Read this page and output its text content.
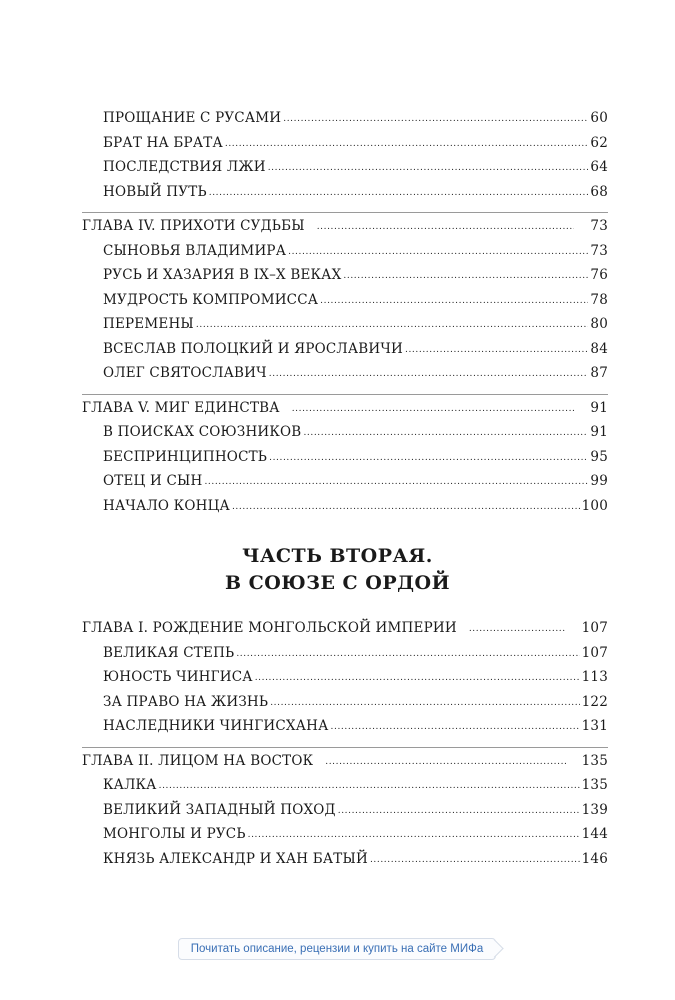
ПРОЩАНИЕ С РУСАМИ .....	60
БРАТ НА БРАТА .....	62
ПОСЛЕДСТВИЯ ЛЖИ .....	64
НОВЫЙ ПУТЬ .....	68
ГЛАВА IV. ПРИХОТИ СУДЬБЫ .....	73
СЫНОВЬЯ ВЛАДИМИРА .....	73
РУСЬ И ХАЗАРИЯ В IX–X ВЕКАХ .....	76
МУДРОСТЬ КОМПРОМИССА .....	78
ПЕРЕМЕНЫ .....	80
ВСЕСЛАВ ПОЛОЦКИЙ И ЯРОСЛАВИЧИ .....	84
ОЛЕГ СВЯТОСЛАВИЧ .....	87
ГЛАВА V. МИГ ЕДИНСТВА .....	91
В ПОИСКАХ СОЮЗНИКОВ .....	91
БЕСПРИНЦИПНОСТЬ .....	95
ОТЕЦ И СЫН .....	99
НАЧАЛО КОНЦА .....	100
ЧАСТЬ ВТОРАЯ.
В СОЮЗЕ С ОРДОЙ
ГЛАВА I. РОЖДЕНИЕ МОНГОЛЬСКОЙ ИМПЕРИИ .....	107
ВЕЛИКАЯ СТЕПЬ .....	107
ЮНОСТЬ ЧИНГИСА .....	113
ЗА ПРАВО НА ЖИЗНЬ .....	122
НАСЛЕДНИКИ ЧИНГИСХАНА .....	131
ГЛАВА II. ЛИЦОМ НА ВОСТОК .....	135
КАЛКА .....	135
ВЕЛИКИЙ ЗАПАДНЫЙ ПОХОД .....	139
МОНГОЛЫ И РУСЬ .....	144
КНЯЗЬ АЛЕКСАНДР И ХАН БАТЫЙ .....	146
Почитать описание, рецензии и купить на сайте МИФа
